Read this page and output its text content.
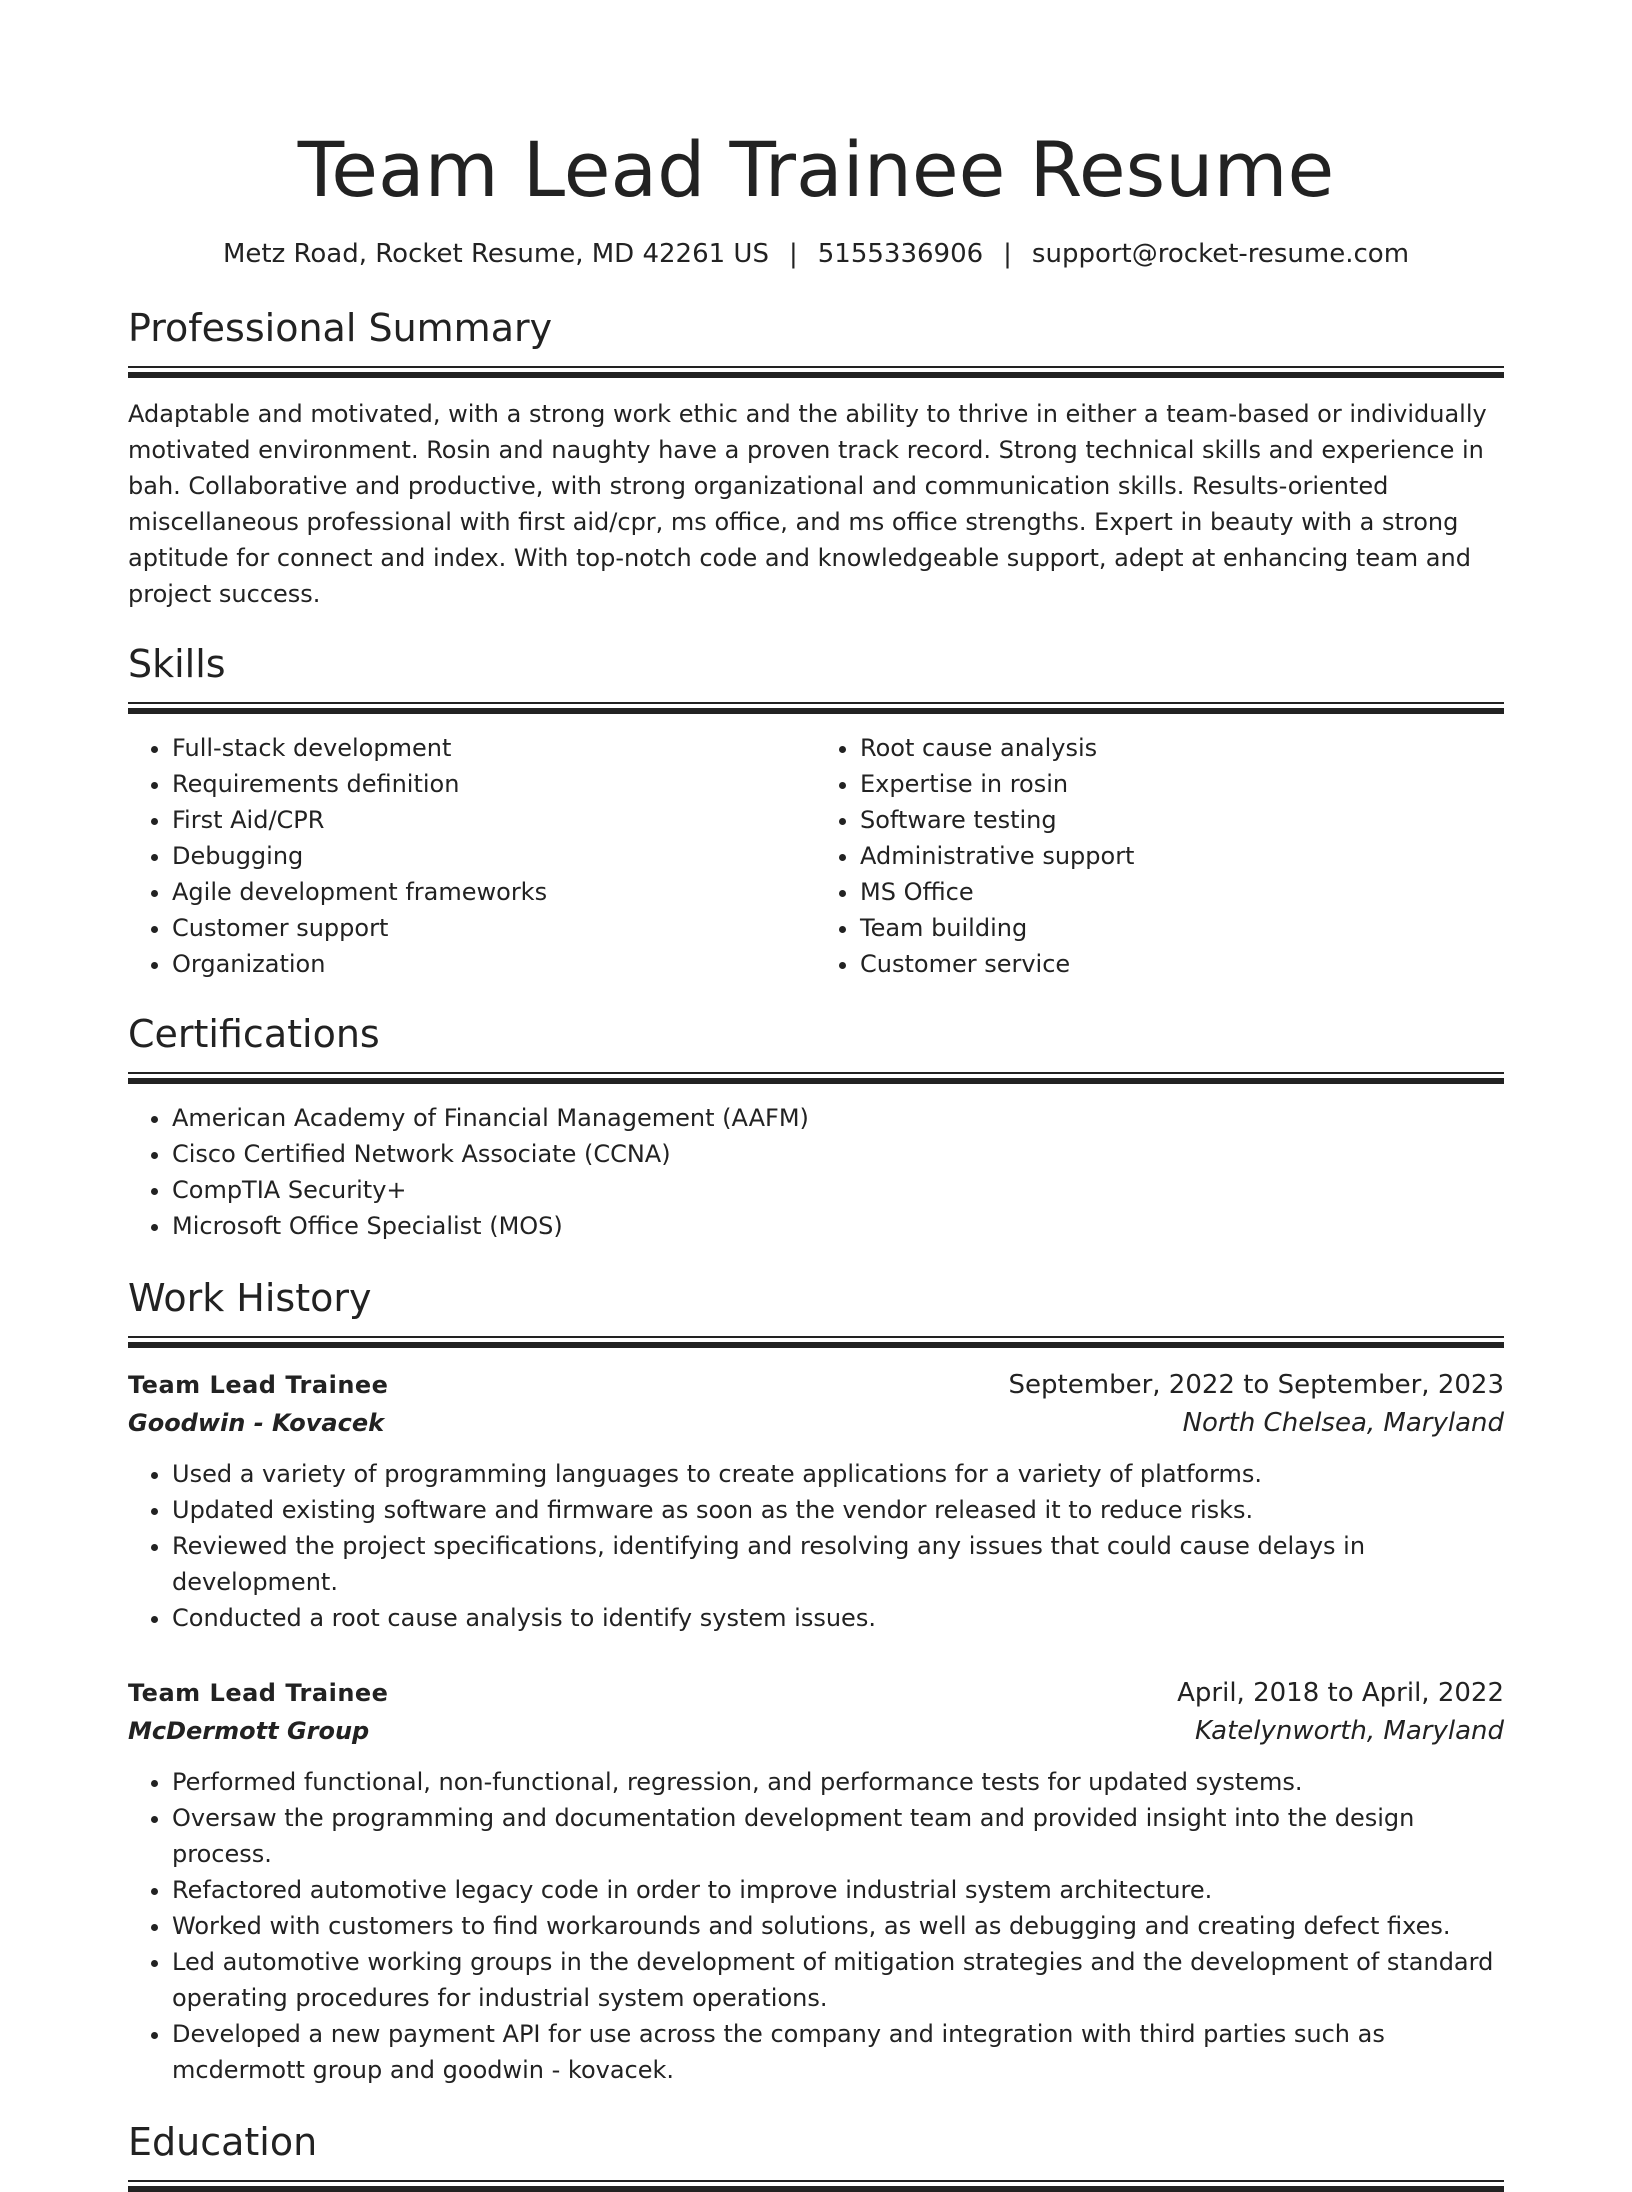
Team Lead Trainee Resume
Metz Road, Rocket Resume, MD 42261 US | 5155336906 | support@rocket-resume.com
Professional Summary
Adaptable and motivated, with a strong work ethic and the ability to thrive in either a team-based or individually motivated environment. Rosin and naughty have a proven track record. Strong technical skills and experience in bah. Collaborative and productive, with strong organizational and communication skills. Results-oriented miscellaneous professional with first aid/cpr, ms office, and ms office strengths. Expert in beauty with a strong aptitude for connect and index. With top-notch code and knowledgeable support, adept at enhancing team and project success.
Skills
• Full-stack development
• Requirements definition
• First Aid/CPR
• Debugging
• Agile development frameworks
• Customer support
• Organization
• Root cause analysis
• Expertise in rosin
• Software testing
• Administrative support
• MS Office
• Team building
• Customer service
Certifications
• American Academy of Financial Management (AAFM)
• Cisco Certified Network Associate (CCNA)
• CompTIA Security+
• Microsoft Office Specialist (MOS)
Work History
Team Lead Trainee	September, 2022 to September, 2023
Goodwin - Kovacek	North Chelsea, Maryland
• Used a variety of programming languages to create applications for a variety of platforms.
• Updated existing software and firmware as soon as the vendor released it to reduce risks.
• Reviewed the project specifications, identifying and resolving any issues that could cause delays in development.
• Conducted a root cause analysis to identify system issues.
Team Lead Trainee	April, 2018 to April, 2022
McDermott Group	Katelynworth, Maryland
• Performed functional, non-functional, regression, and performance tests for updated systems.
• Oversaw the programming and documentation development team and provided insight into the design process.
• Refactored automotive legacy code in order to improve industrial system architecture.
• Worked with customers to find workarounds and solutions, as well as debugging and creating defect fixes.
• Led automotive working groups in the development of mitigation strategies and the development of standard operating procedures for industrial system operations.
• Developed a new payment API for use across the company and integration with third parties such as mcdermott group and goodwin - kovacek.
Education
